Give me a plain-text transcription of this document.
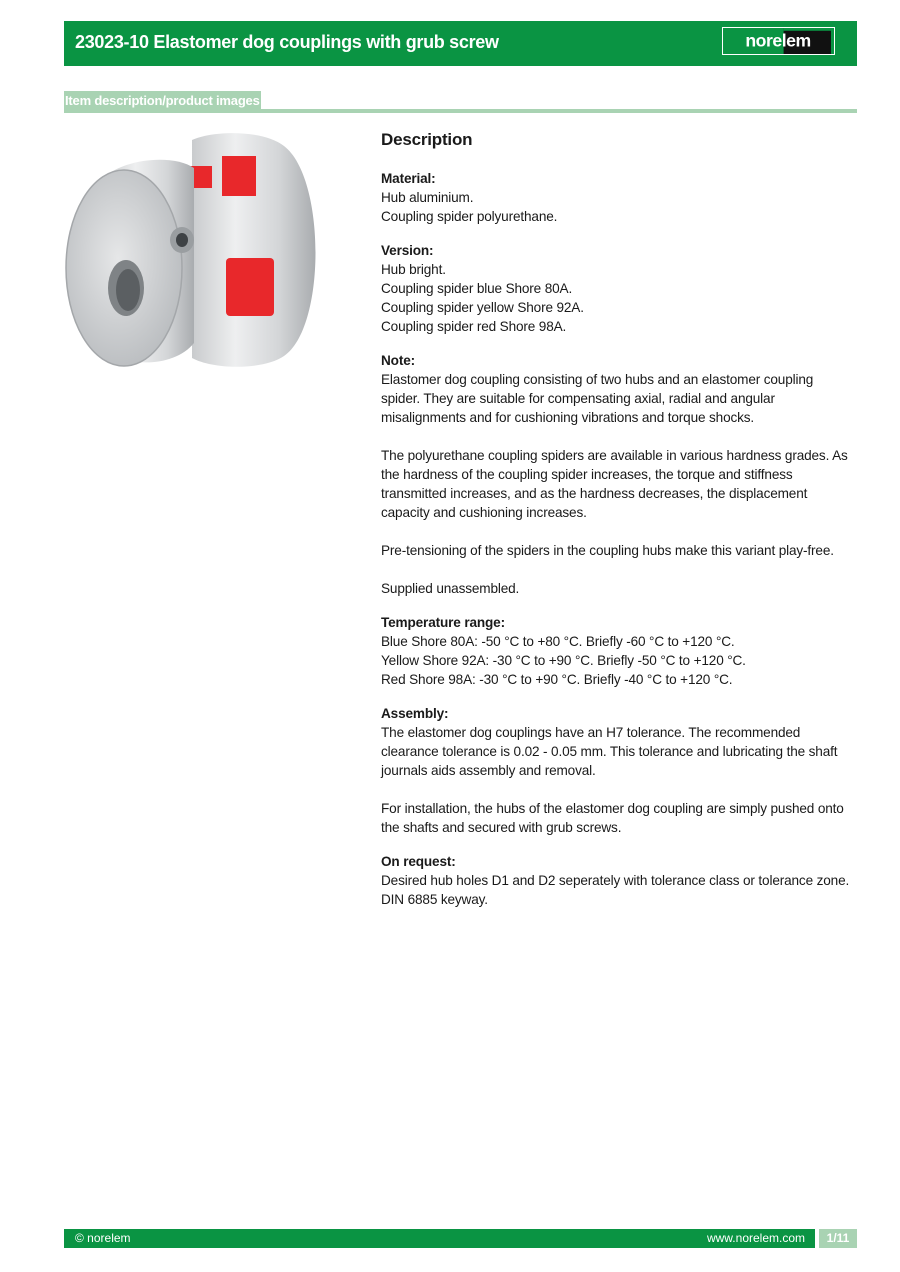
23023-10 Elastomer dog couplings with grub screw	norelem
Item description/product images
Description
Material:
Hub aluminium.
Coupling spider polyurethane.
Version:
Hub bright.
Coupling spider blue Shore 80A.
Coupling spider yellow Shore 92A.
Coupling spider red Shore 98A.
Note:
Elastomer dog coupling consisting of two hubs and an elastomer coupling spider. They are suitable for compensating axial, radial and angular misalignments and for cushioning vibrations and torque shocks.
The polyurethane coupling spiders are available in various hardness grades. As the hardness of the coupling spider increases, the torque and stiffness transmitted increases, and as the hardness decreases, the displacement capacity and cushioning increases.
Pre-tensioning of the spiders in the coupling hubs make this variant play-free.
Supplied unassembled.
Temperature range:
Blue Shore 80A: -50 °C to +80 °C. Briefly -60 °C to +120 °C.
Yellow Shore 92A: -30 °C to +90 °C. Briefly -50 °C to +120 °C.
Red Shore 98A: -30 °C to +90 °C. Briefly -40 °C to +120 °C.
Assembly:
The elastomer dog couplings have an H7 tolerance. The recommended clearance tolerance is 0.02 - 0.05 mm. This tolerance and lubricating the shaft journals aids assembly and removal.
For installation, the hubs of the elastomer dog coupling are simply pushed onto the shafts and secured with grub screws.
On request:
Desired hub holes D1 and D2 seperately with tolerance class or tolerance zone.
DIN 6885 keyway.
© norelem	www.norelem.com	1/11
